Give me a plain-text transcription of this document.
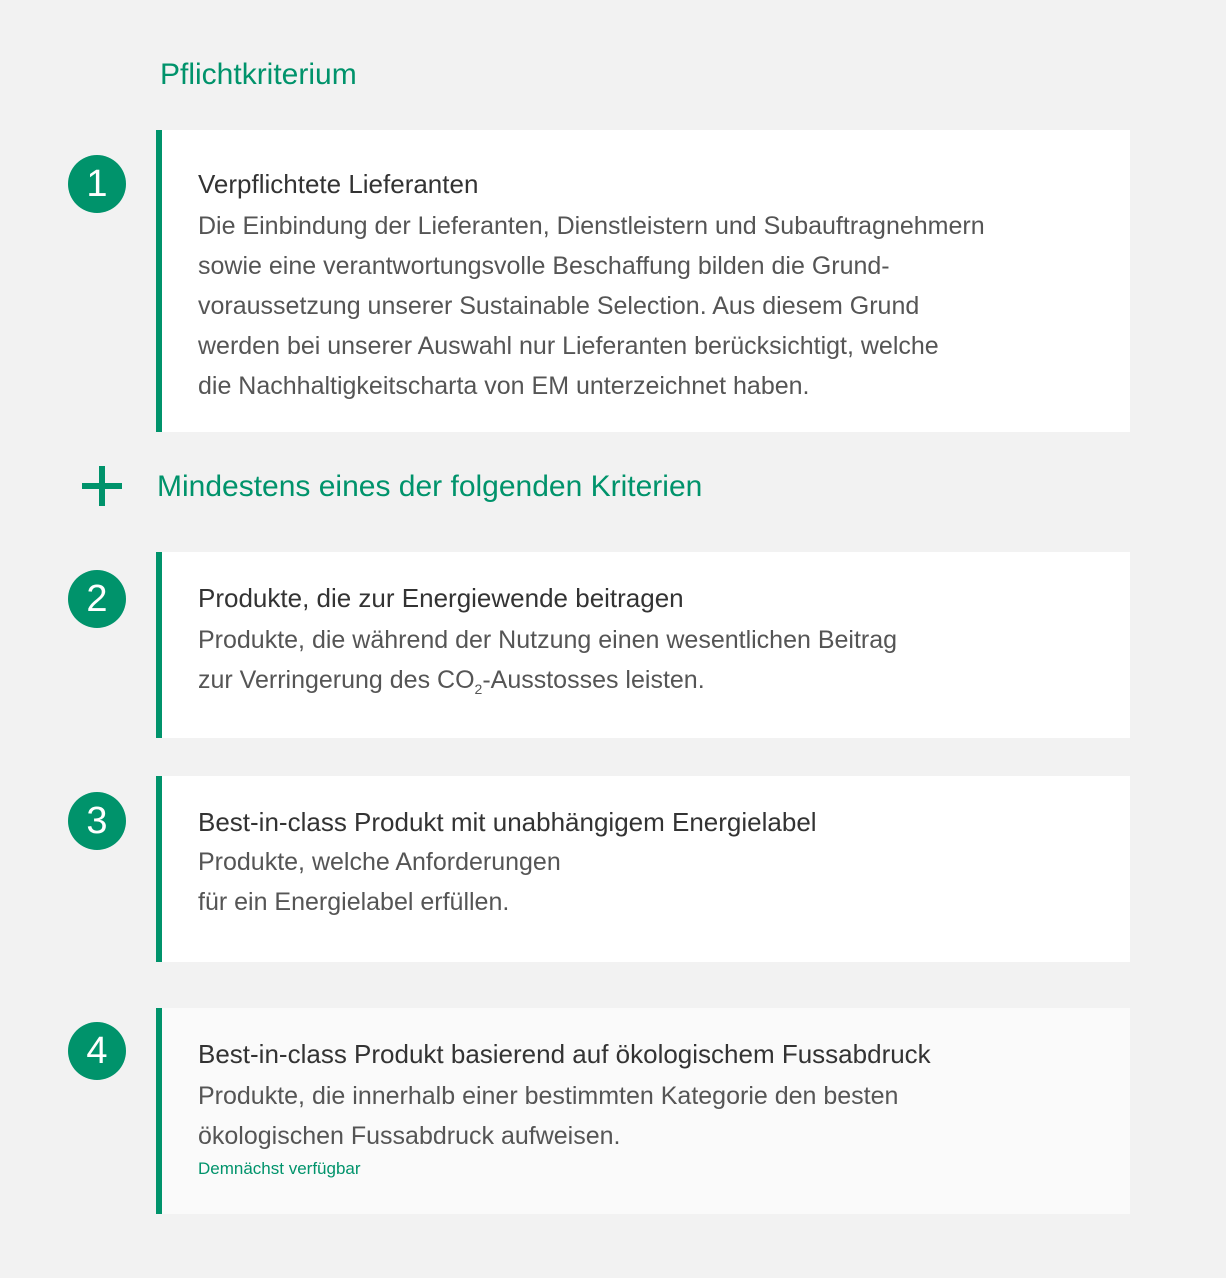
Pflichtkriterium
1	Verpflichtete Lieferanten

Die Einbindung der Lieferanten, Dienstleistern und Subauftragnehmern
sowie eine verantwortungsvolle Beschaffung bilden die Grund-
voraussetzung unserer Sustainable Selection. Aus diesem Grund
werden bei unserer Auswahl nur Lieferanten berücksichtigt, welche
die Nachhaltigkeitscharta von EM unterzeichnet haben.

Mindestens eines der folgenden Kriterien
2	Produkte, die zur Energiewende beitragen

Produkte, die während der Nutzung einen wesentlichen Beitrag
zur Verringerung des $CO_2$-Ausstosses leisten.

3	Best-in-class Produkt mit unabhängigem Energielabel

Produkte, welche Anforderungen
für ein Energielabel erfüllen.

4	Best-in-class Produkt basierend auf ökologischem Fussabdruck

Produkte, die innerhalb einer bestimmten Kategorie den besten
ökologischen Fussabdruck aufweisen.

Demnächst verfügbar
